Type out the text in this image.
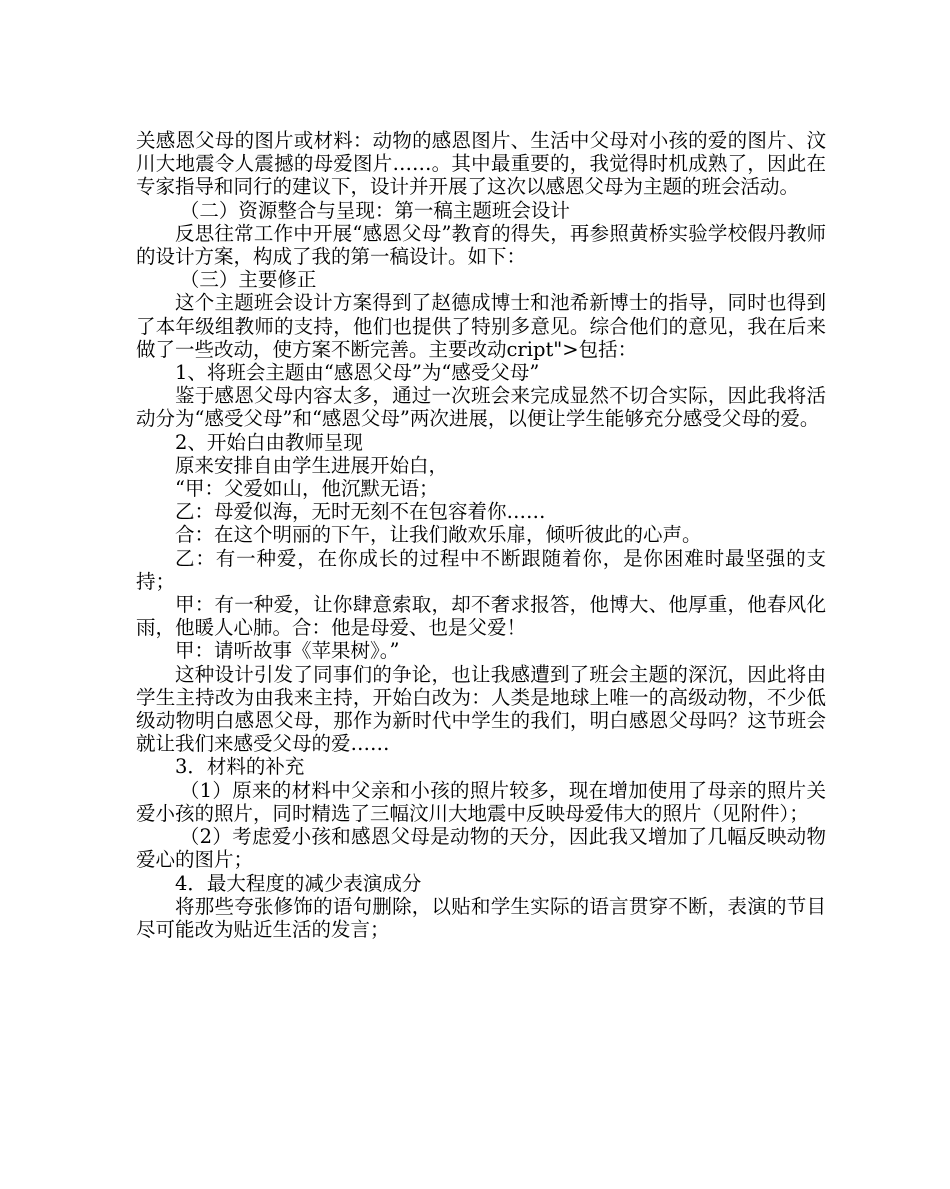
关感恩父母的图片或材料：动物的感恩图片、生活中父母对小孩的爱的图片、汶川大地震令人震撼的母爱图片……。其中最重要的，我觉得时机成熟了，因此在专家指导和同行的建议下，设计并开展了这次以感恩父母为主题的班会活动。

（二）资源整合与呈现：第一稿主题班会设计

反思往常工作中开展“感恩父母”教育的得失，再参照黄桥实验学校假丹教师的设计方案，构成了我的第一稿设计。如下：

（三）主要修正

这个主题班会设计方案得到了赵德成博士和池希新博士的指导，同时也得到了本年级组教师的支持，他们也提供了特别多意见。综合他们的意见，我在后来做了一些改动，使方案不断完善。主要改动cript">包括：

1、将班会主题由“感恩父母”为“感受父母”

鉴于感恩父母内容太多，通过一次班会来完成显然不切合实际，因此我将活动分为“感受父母”和“感恩父母”两次进展，以便让学生能够充分感受父母的爱。

2、开始白由教师呈现

原来安排自由学生进展开始白，

“甲：父爱如山，他沉默无语；

乙：母爱似海，无时无刻不在包容着你……

合：在这个明丽的下午，让我们敞欢乐扉，倾听彼此的心声。

乙：有一种爱，在你成长的过程中不断跟随着你，是你困难时最坚强的支持；

甲：有一种爱，让你肆意索取，却不奢求报答，他博大、他厚重，他春风化雨，他暖人心肺。合：他是母爱、也是父爱！

甲：请听故事《苹果树》。”

这种设计引发了同事们的争论，也让我感遭到了班会主题的深沉，因此将由学生主持改为由我来主持，开始白改为：人类是地球上唯一的高级动物，不少低级动物明白感恩父母，那作为新时代中学生的我们，明白感恩父母吗？这节班会就让我们来感受父母的爱……

3．材料的补充

（1）原来的材料中父亲和小孩的照片较多，现在增加使用了母亲的照片关爱小孩的照片，同时精选了三幅汶川大地震中反映母爱伟大的照片（见附件）；

（2）考虑爱小孩和感恩父母是动物的天分，因此我又增加了几幅反映动物爱心的图片；

4．最大程度的减少表演成分

将那些夸张修饰的语句删除，以贴和学生实际的语言贯穿不断，表演的节目尽可能改为贴近生活的发言；
